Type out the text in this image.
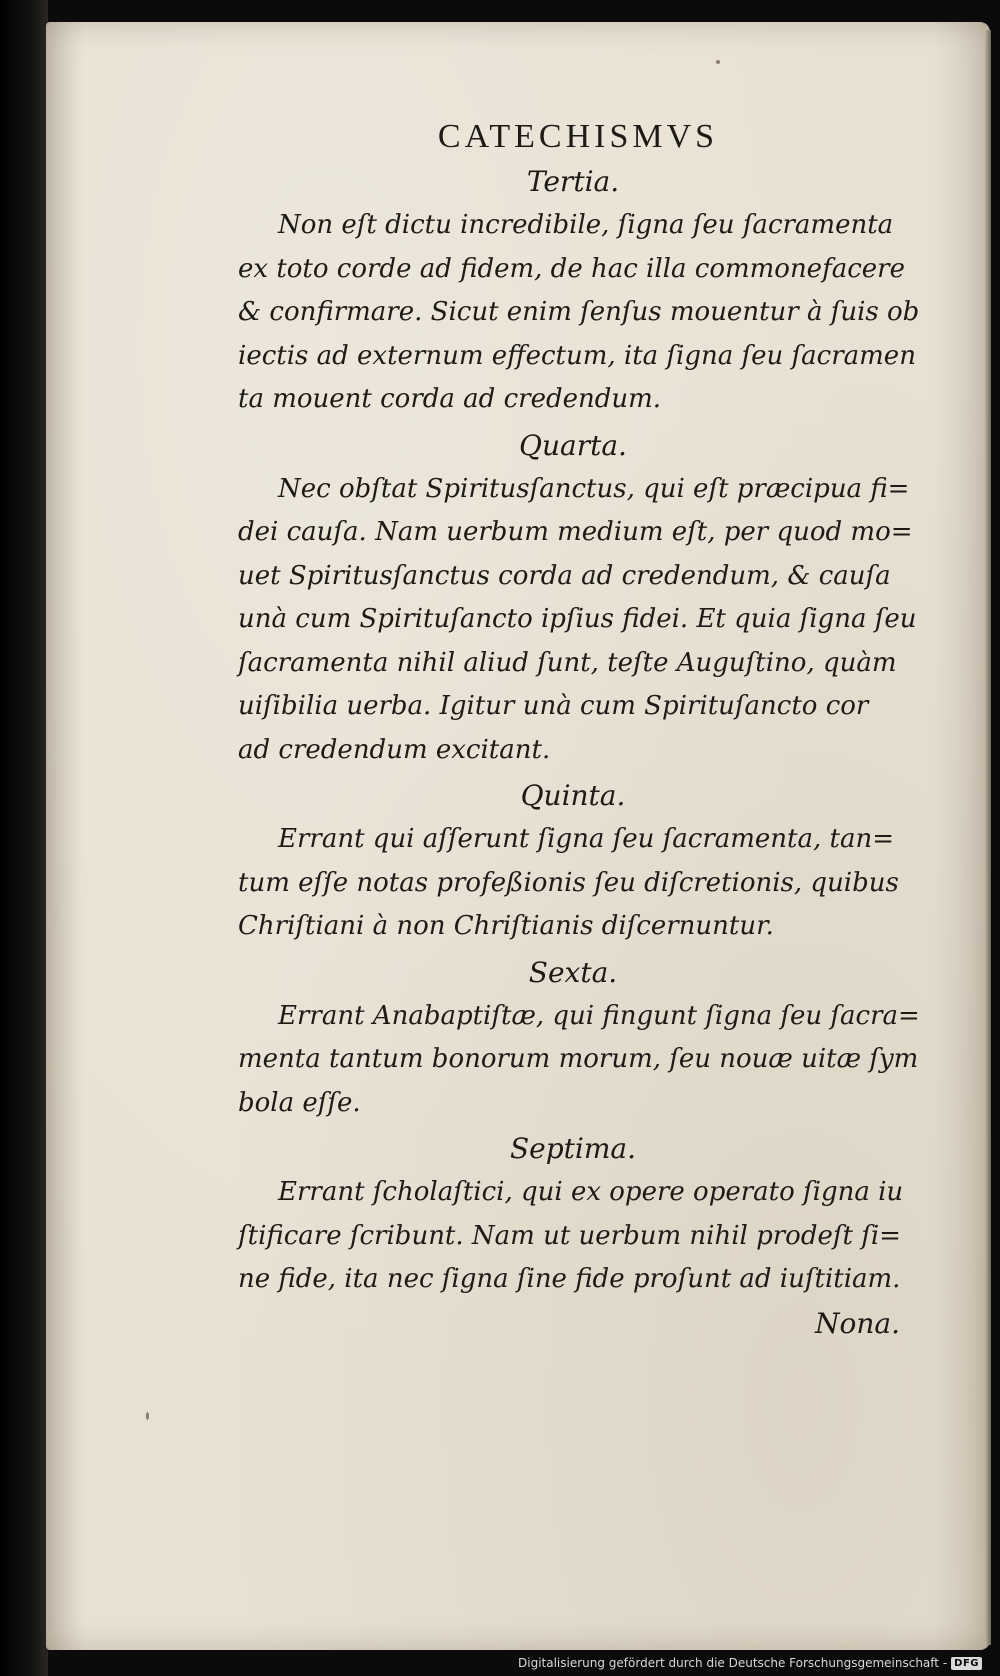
CATECHISMVS
Tertia.

Non eſt dictu incredibile, ſigna ſeu ſacramenta
ex toto corde ad fidem, de hac illa commonefacere
& confirmare. Sicut enim ſenſus mouentur à ſuis ob
iectis ad externum effectum, ita ſigna ſeu ſacramen
ta mouent corda ad credendum.

Quarta.

Nec obſtat Spiritusſanctus, qui eſt præcipua fi=
dei cauſa. Nam uerbum medium eſt, per quod mo=
uet Spiritusſanctus corda ad credendum, & cauſa
unà cum Spirituſancto ipſius fidei. Et quia ſigna ſeu
ſacramenta nihil aliud ſunt, teſte Auguſtino, quàm
uiſibilia uerba. Igitur unà cum Spirituſancto cor
ad credendum excitant.

Quinta.

Errant qui aſſerunt ſigna ſeu ſacramenta, tan=
tum eſſe notas profeßionis ſeu diſcretionis, quibus
Chriſtiani à non Chriſtianis diſcernuntur.

Sexta.

Errant Anabaptiſtæ, qui fingunt ſigna ſeu ſacra=
menta tantum bonorum morum, ſeu nouæ uitæ ſym
bola eſſe.

Septima.

Errant ſcholaſtici, qui ex opere operato ſigna iu
ſtificare ſcribunt. Nam ut uerbum nihil prodeſt ſi=
ne fide, ita nec ſigna ſine fide proſunt ad iuſtitiam.

Nona.
Digitalisierung gefördert durch die Deutsche Forschungsgemeinschaft - DFG
